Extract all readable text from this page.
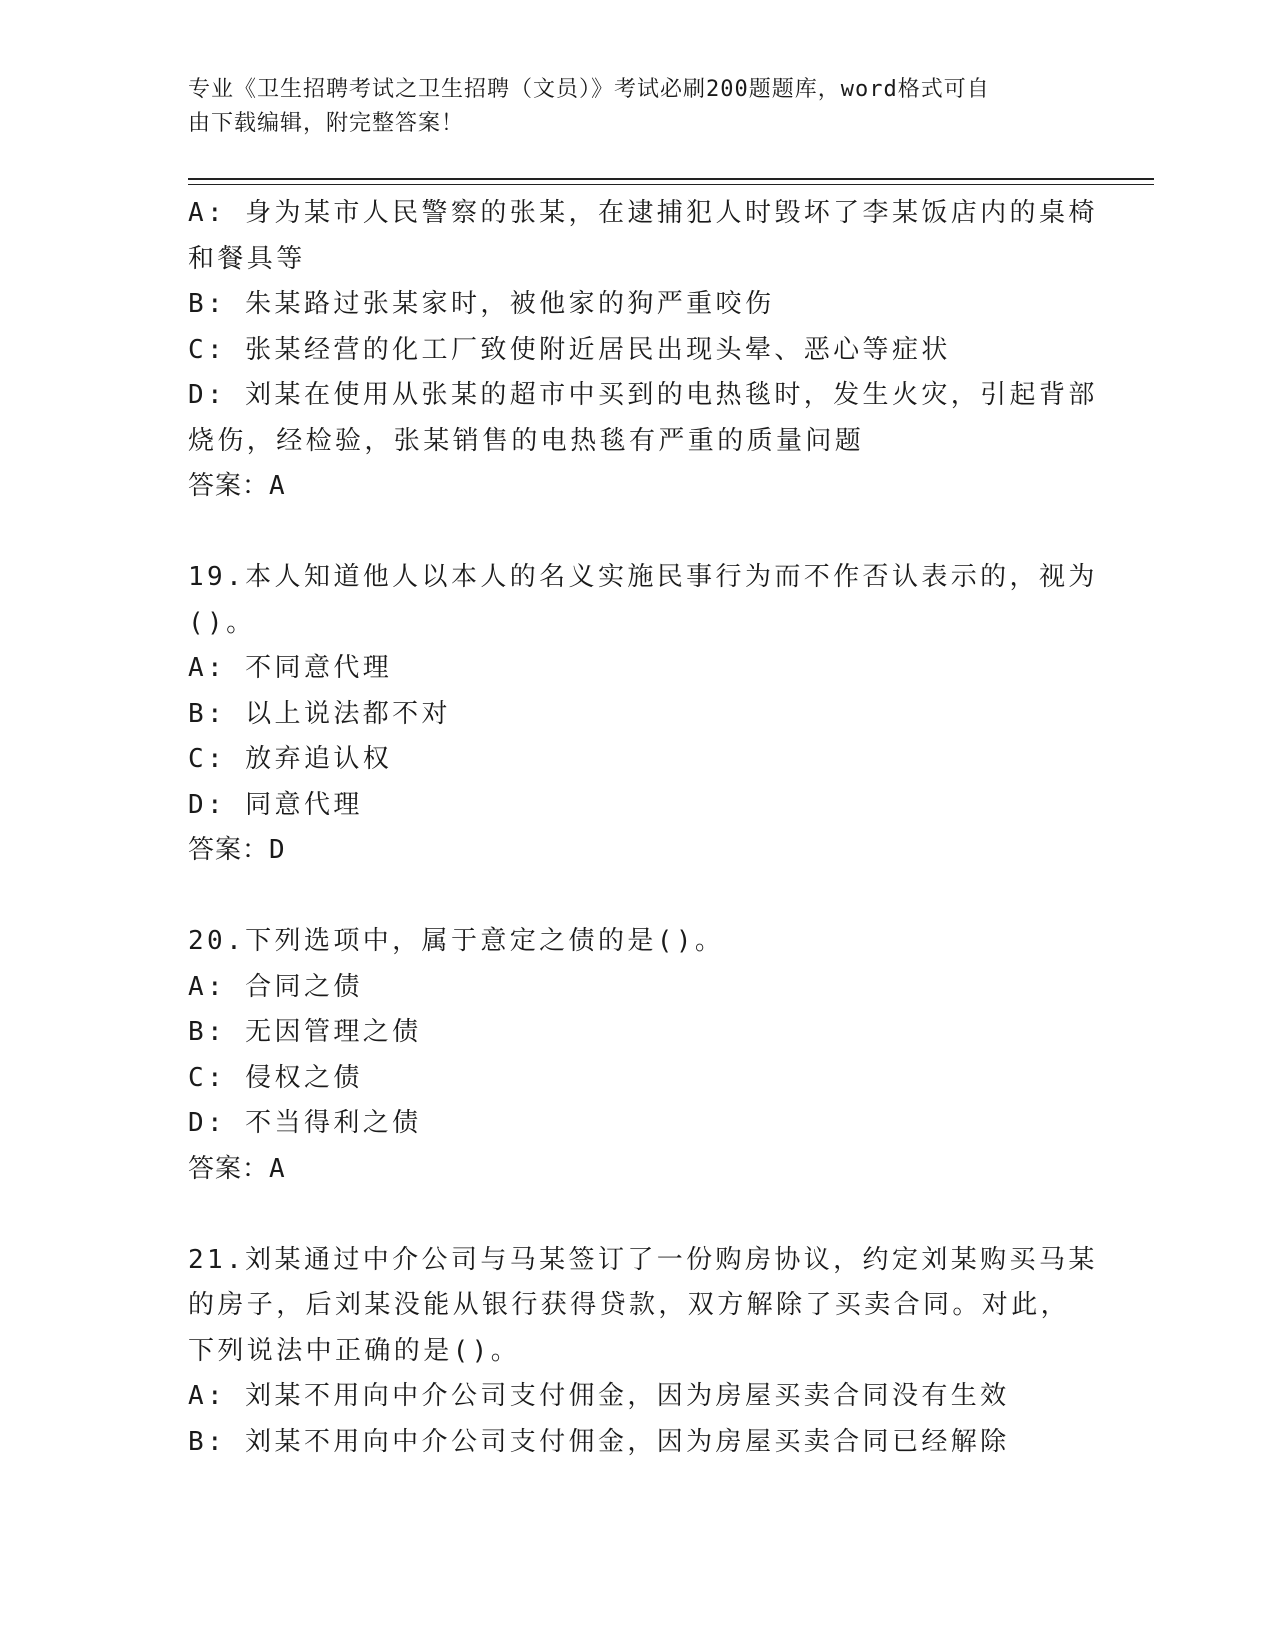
专业《卫生招聘考试之卫生招聘（文员）》考试必刷200题题库，word格式可自
由下载编辑，附完整答案！

A: 身为某市人民警察的张某，在逮捕犯人时毁坏了李某饭店内的桌椅

和餐具等

B: 朱某路过张某家时，被他家的狗严重咬伤

C: 张某经营的化工厂致使附近居民出现头晕、恶心等症状

D: 刘某在使用从张某的超市中买到的电热毯时，发生火灾，引起背部

烧伤，经检验，张某销售的电热毯有严重的质量问题

答案：A

19.本人知道他人以本人的名义实施民事行为而不作否认表示的，视为

()。

A: 不同意代理

B: 以上说法都不对

C: 放弃追认权

D: 同意代理

答案：D

20.下列选项中，属于意定之债的是()。

A: 合同之债

B: 无因管理之债

C: 侵权之债

D: 不当得利之债

答案：A

21.刘某通过中介公司与马某签订了一份购房协议，约定刘某购买马某

的房子，后刘某没能从银行获得贷款，双方解除了买卖合同。对此，

下列说法中正确的是()。

A: 刘某不用向中介公司支付佣金，因为房屋买卖合同没有生效

B: 刘某不用向中介公司支付佣金，因为房屋买卖合同已经解除
